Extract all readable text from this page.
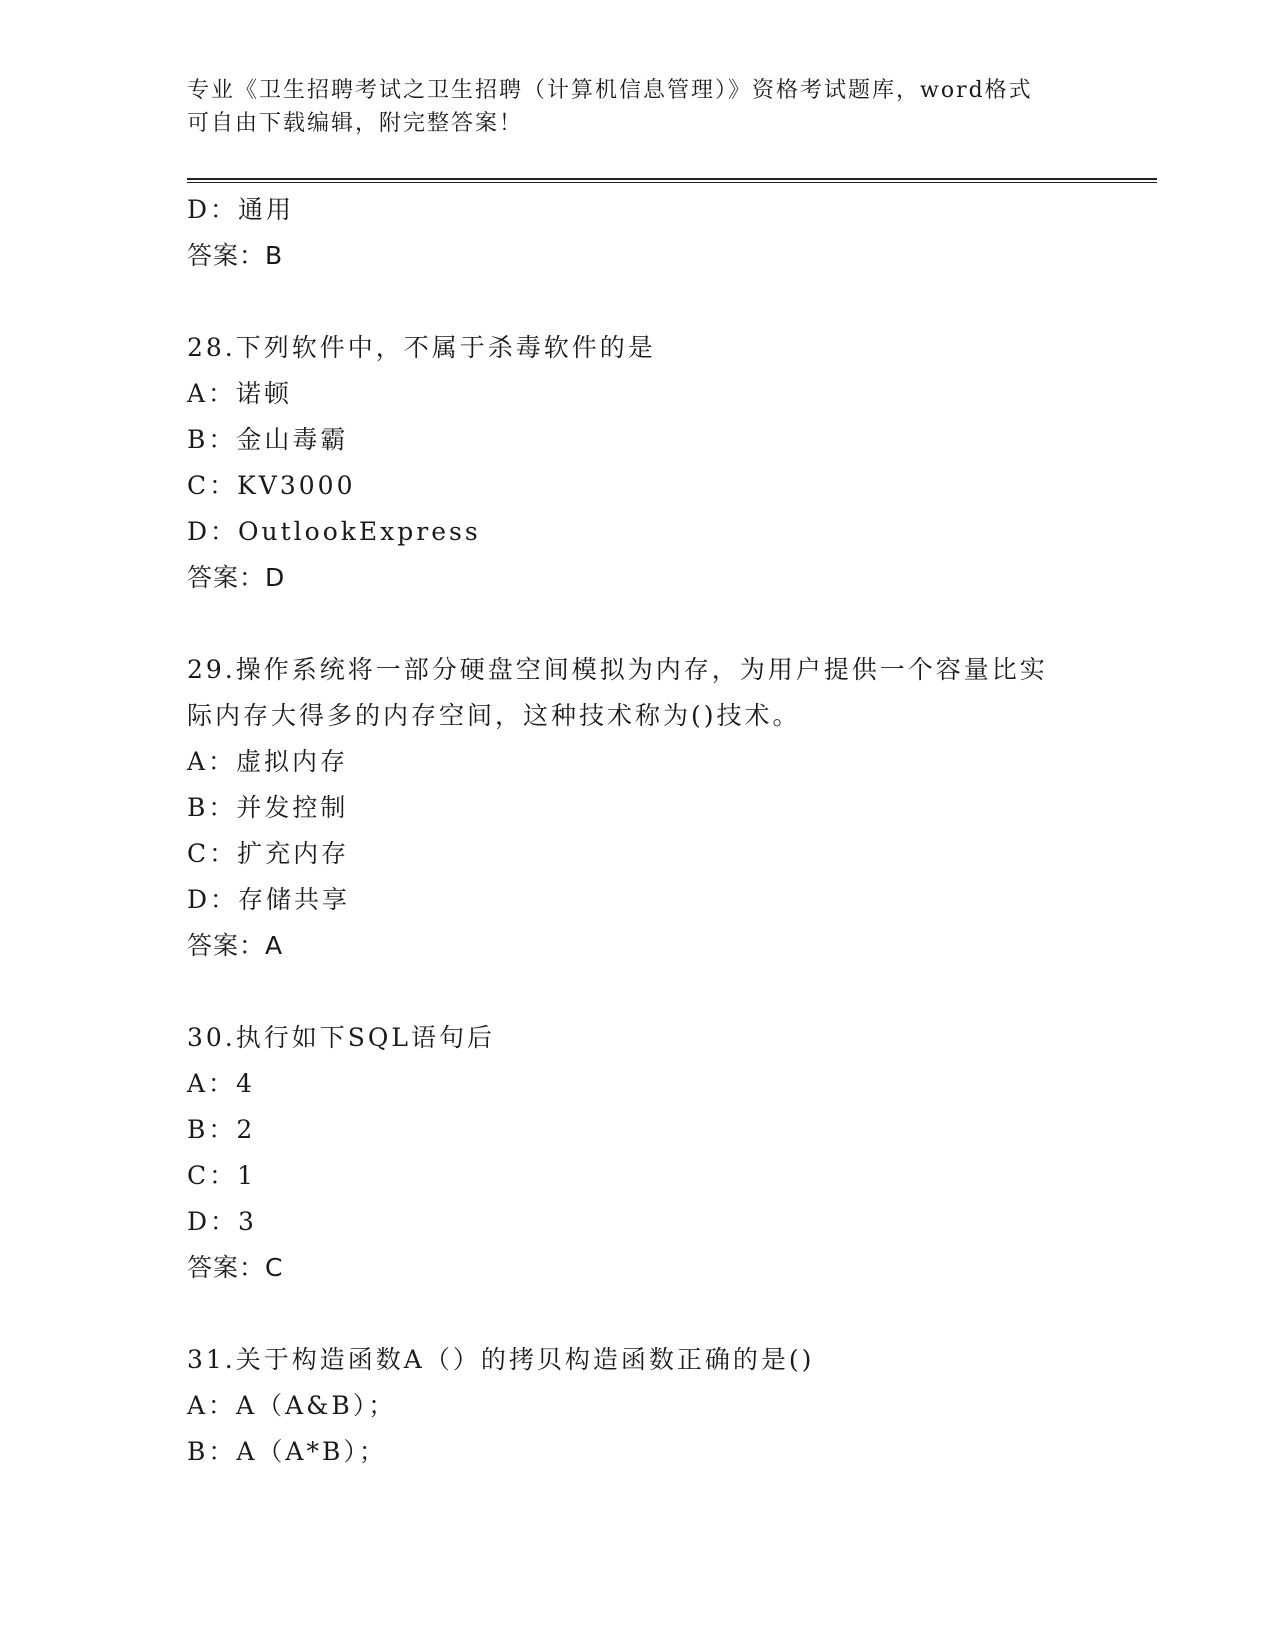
专业《卫生招聘考试之卫生招聘（计算机信息管理）》资格考试题库，word格式
可自由下载编辑，附完整答案！
D：通用
答案：B
28.下列软件中，不属于杀毒软件的是
A：诺顿
B：金山毒霸
C：KV3000
D：OutlookExpress
答案：D
29.操作系统将一部分硬盘空间模拟为内存，为用户提供一个容量比实
际内存大得多的内存空间，这种技术称为()技术。
A：虚拟内存
B：并发控制
C：扩充内存
D：存储共享
答案：A
30.执行如下SQL语句后
A：4
B：2
C：1
D：3
答案：C
31.关于构造函数A（）的拷贝构造函数正确的是()
A：A（A&B）；
B：A（A*B）；
